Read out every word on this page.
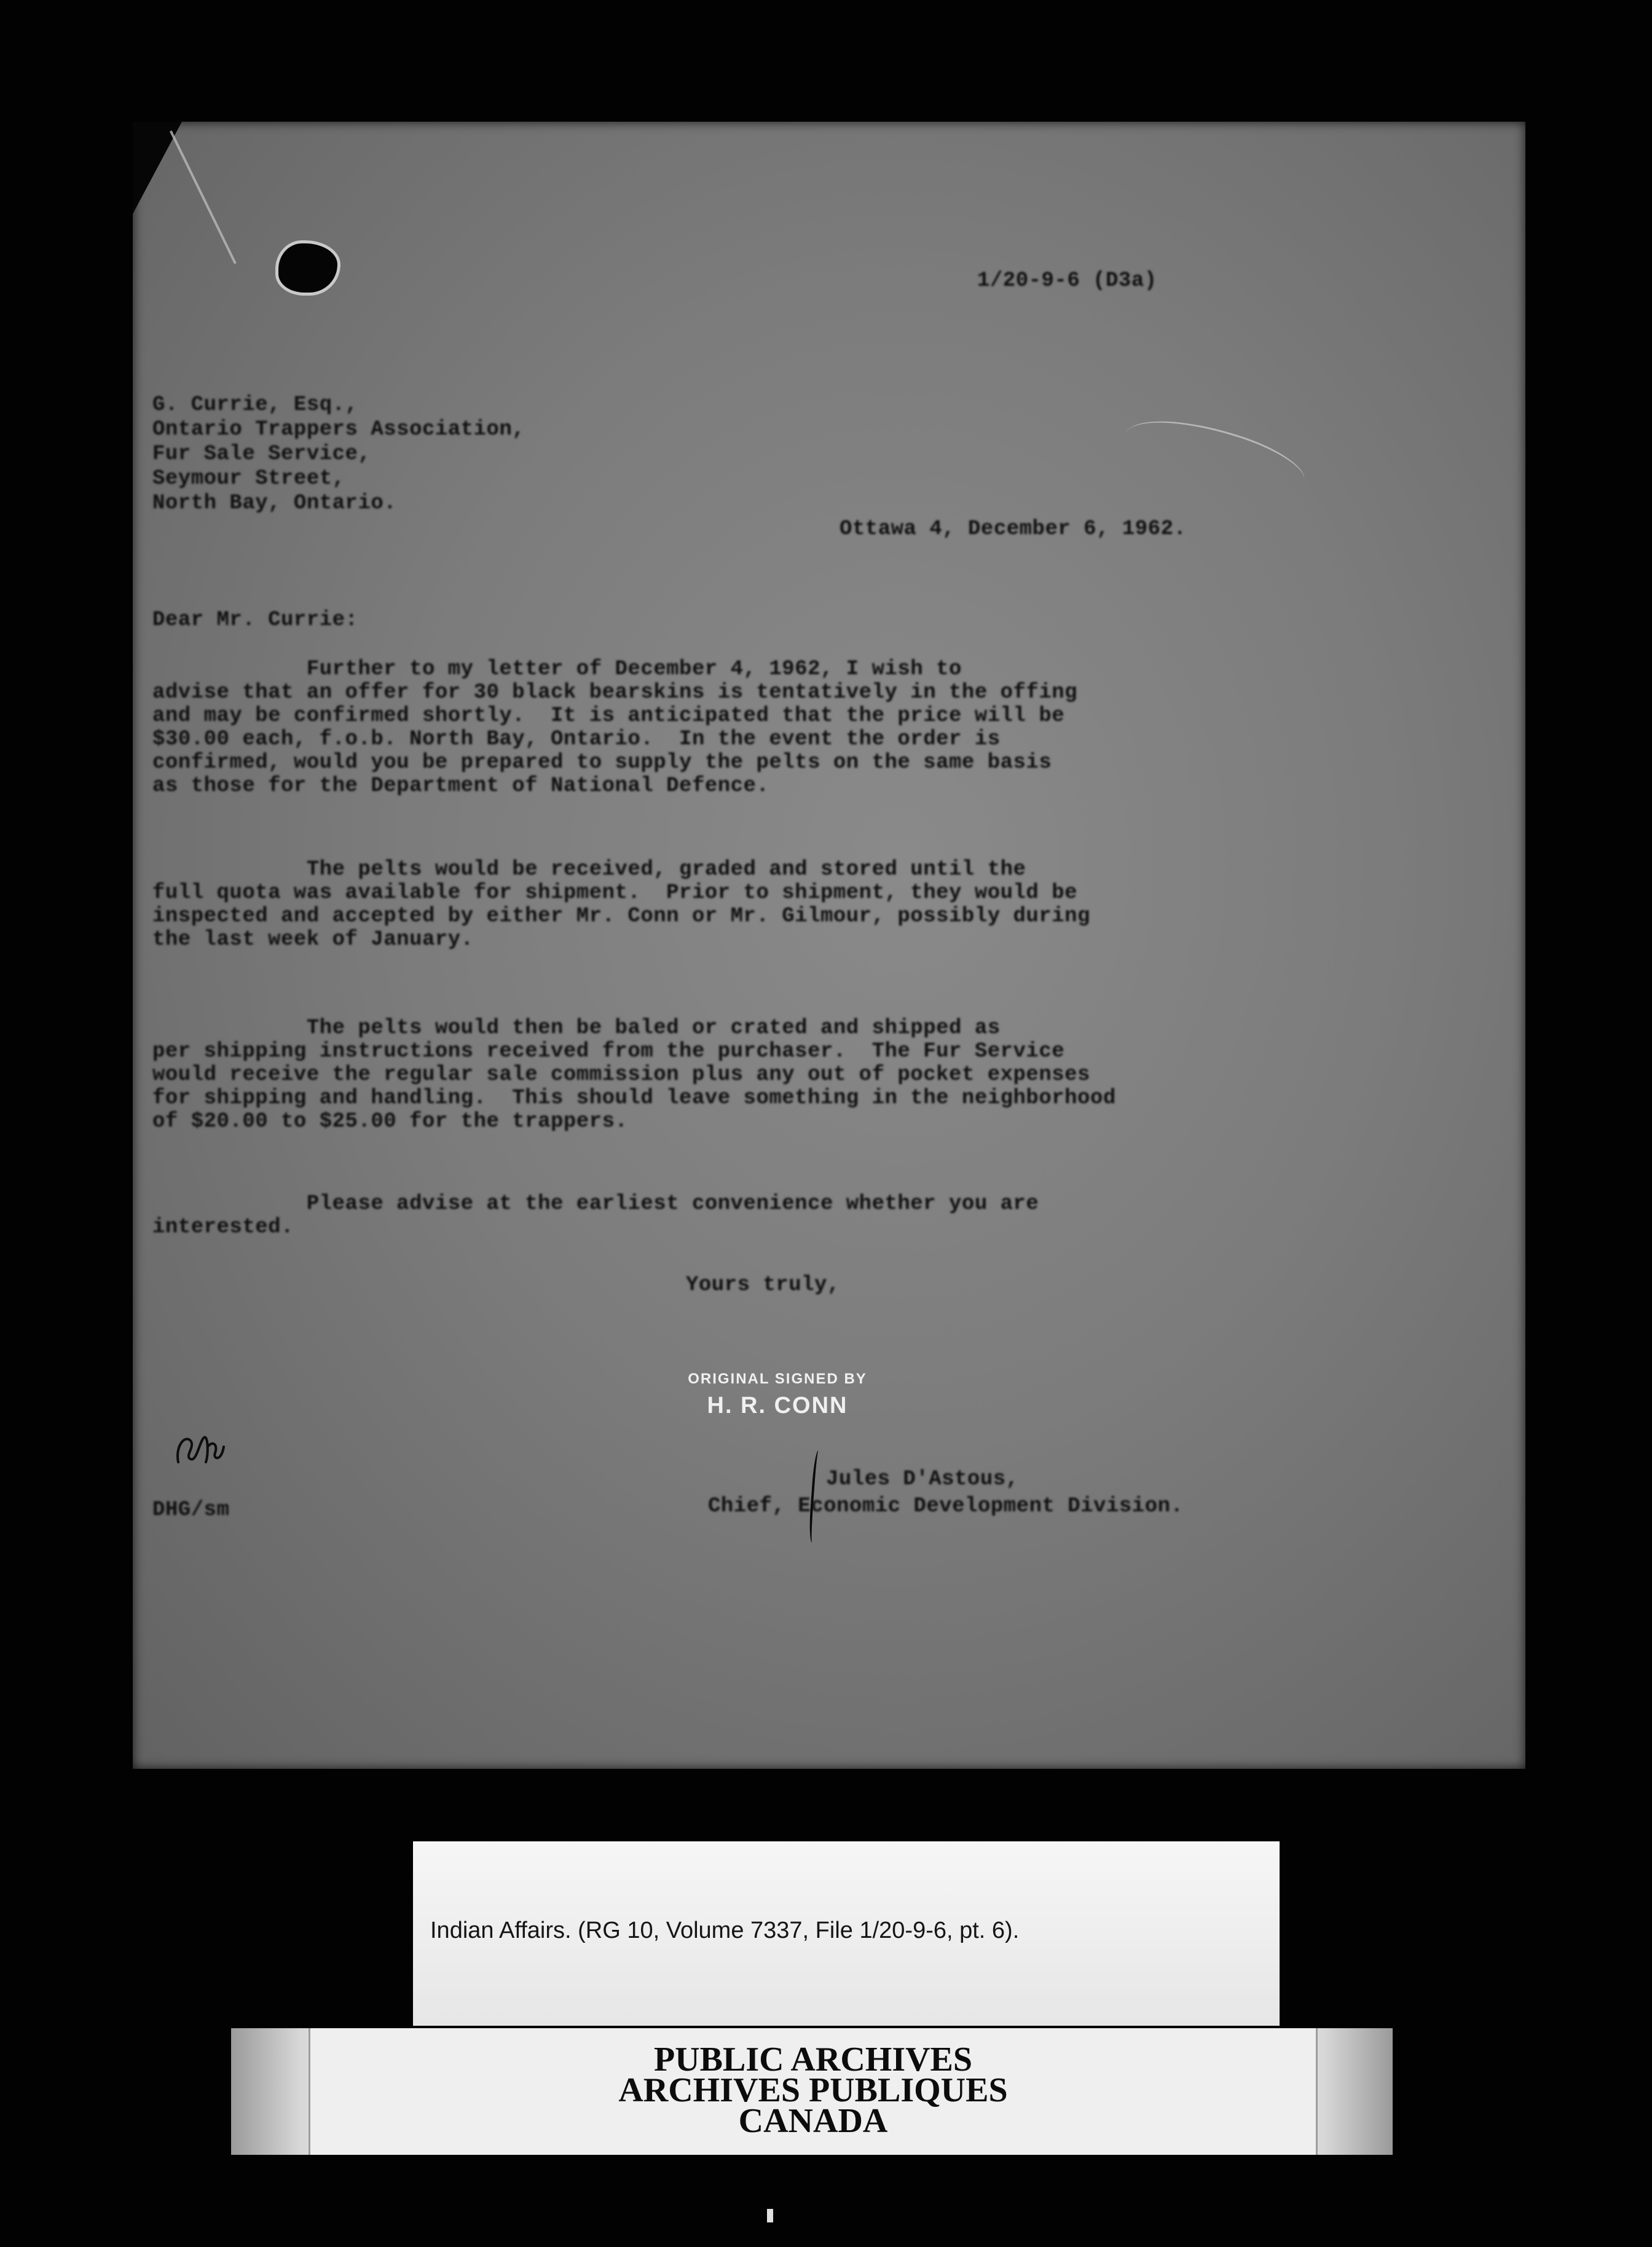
1/20-9-6 (D3a)
G. Currie, Esq.,
Ontario Trappers Association,
Fur Sale Service,
Seymour Street,
North Bay, Ontario.
Ottawa 4, December 6, 1962.
Dear Mr. Currie:
Further to my letter of December 4, 1962, I wish to
advise that an offer for 30 black bearskins is tentatively in the offing
and may be confirmed shortly.  It is anticipated that the price will be
$30.00 each, f.o.b. North Bay, Ontario.  In the event the order is
confirmed, would you be prepared to supply the pelts on the same basis
as those for the Department of National Defence.
The pelts would be received, graded and stored until the
full quota was available for shipment.  Prior to shipment, they would be
inspected and accepted by either Mr. Conn or Mr. Gilmour, possibly during
the last week of January.
The pelts would then be baled or crated and shipped as
per shipping instructions received from the purchaser.  The Fur Service
would receive the regular sale commission plus any out of pocket expenses
for shipping and handling.  This should leave something in the neighborhood
of $20.00 to $25.00 for the trappers.
Please advise at the earliest convenience whether you are
interested.
Yours truly,
ORIGINAL SIGNED BY
H. R. CONN
Jules D'Astous,
Chief, Economic Development Division.
DHG/sm
Indian Affairs. (RG 10, Volume 7337, File 1/20-9-6, pt. 6).
PUBLIC ARCHIVES
ARCHIVES PUBLIQUES
CANADA
